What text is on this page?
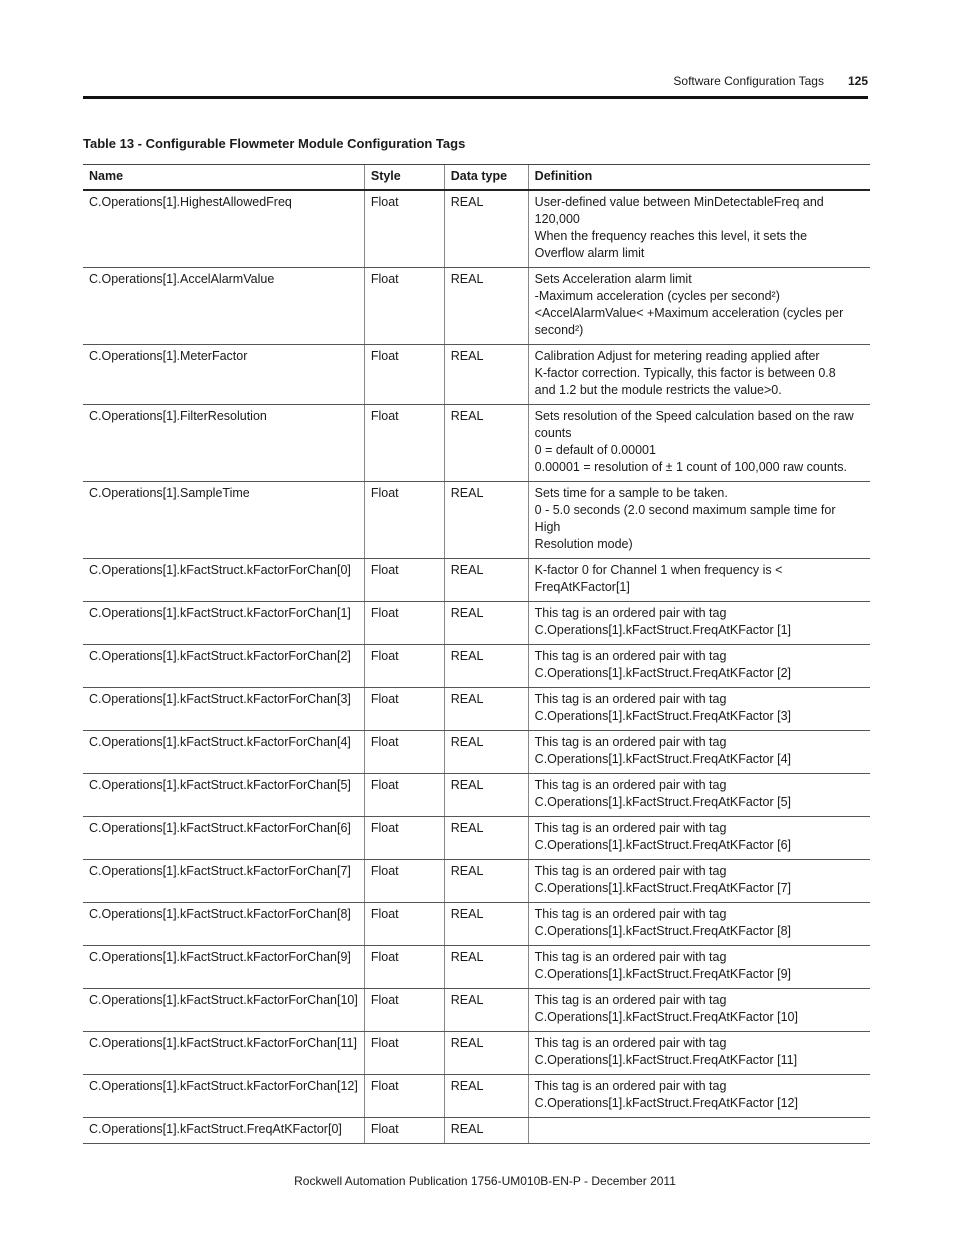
Software Configuration Tags 125
Table 13 - Configurable Flowmeter Module Configuration Tags
Name	Style	Data type	Definition
C.Operations[1].HighestAllowedFreq	Float	REAL	User-defined value between MinDetectableFreq and
120,000
When the frequency reaches this level, it sets the
Overflow alarm limit

C.Operations[1].AccelAlarmValue	Float	REAL	Sets Acceleration alarm limit
-Maximum acceleration (cycles per second²)
<AccelAlarmValue< +Maximum acceleration (cycles per
second²)

C.Operations[1].MeterFactor	Float	REAL	Calibration Adjust for metering reading applied after
K-factor correction. Typically, this factor is between 0.8
and 1.2 but the module restricts the value>0.

C.Operations[1].FilterResolution	Float	REAL	Sets resolution of the Speed calculation based on the raw
counts
0 = default of 0.00001
0.00001 = resolution of ± 1 count of 100,000 raw counts.

C.Operations[1].SampleTime	Float	REAL	Sets time for a sample to be taken.
0 - 5.0 seconds (2.0 second maximum sample time for High
Resolution mode)

C.Operations[1].kFactStruct.kFactorForChan[0]	Float	REAL	K-factor 0 for Channel 1 when frequency is <
FreqAtKFactor[1]

C.Operations[1].kFactStruct.kFactorForChan[1]	Float	REAL	This tag is an ordered pair with tag
C.Operations[1].kFactStruct.FreqAtKFactor [1]

C.Operations[1].kFactStruct.kFactorForChan[2]	Float	REAL	This tag is an ordered pair with tag
C.Operations[1].kFactStruct.FreqAtKFactor [2]

C.Operations[1].kFactStruct.kFactorForChan[3]	Float	REAL	This tag is an ordered pair with tag
C.Operations[1].kFactStruct.FreqAtKFactor [3]

C.Operations[1].kFactStruct.kFactorForChan[4]	Float	REAL	This tag is an ordered pair with tag
C.Operations[1].kFactStruct.FreqAtKFactor [4]

C.Operations[1].kFactStruct.kFactorForChan[5]	Float	REAL	This tag is an ordered pair with tag
C.Operations[1].kFactStruct.FreqAtKFactor [5]

C.Operations[1].kFactStruct.kFactorForChan[6]	Float	REAL	This tag is an ordered pair with tag
C.Operations[1].kFactStruct.FreqAtKFactor [6]

C.Operations[1].kFactStruct.kFactorForChan[7]	Float	REAL	This tag is an ordered pair with tag
C.Operations[1].kFactStruct.FreqAtKFactor [7]

C.Operations[1].kFactStruct.kFactorForChan[8]	Float	REAL	This tag is an ordered pair with tag
C.Operations[1].kFactStruct.FreqAtKFactor [8]

C.Operations[1].kFactStruct.kFactorForChan[9]	Float	REAL	This tag is an ordered pair with tag
C.Operations[1].kFactStruct.FreqAtKFactor [9]

C.Operations[1].kFactStruct.kFactorForChan[10]	Float	REAL	This tag is an ordered pair with tag
C.Operations[1].kFactStruct.FreqAtKFactor [10]

C.Operations[1].kFactStruct.kFactorForChan[11]	Float	REAL	This tag is an ordered pair with tag
C.Operations[1].kFactStruct.FreqAtKFactor [11]

C.Operations[1].kFactStruct.kFactorForChan[12]	Float	REAL	This tag is an ordered pair with tag
C.Operations[1].kFactStruct.FreqAtKFactor [12]

C.Operations[1].kFactStruct.FreqAtKFactor[0]	Float	REAL	
Rockwell Automation Publication 1756-UM010B-EN-P - December 2011
